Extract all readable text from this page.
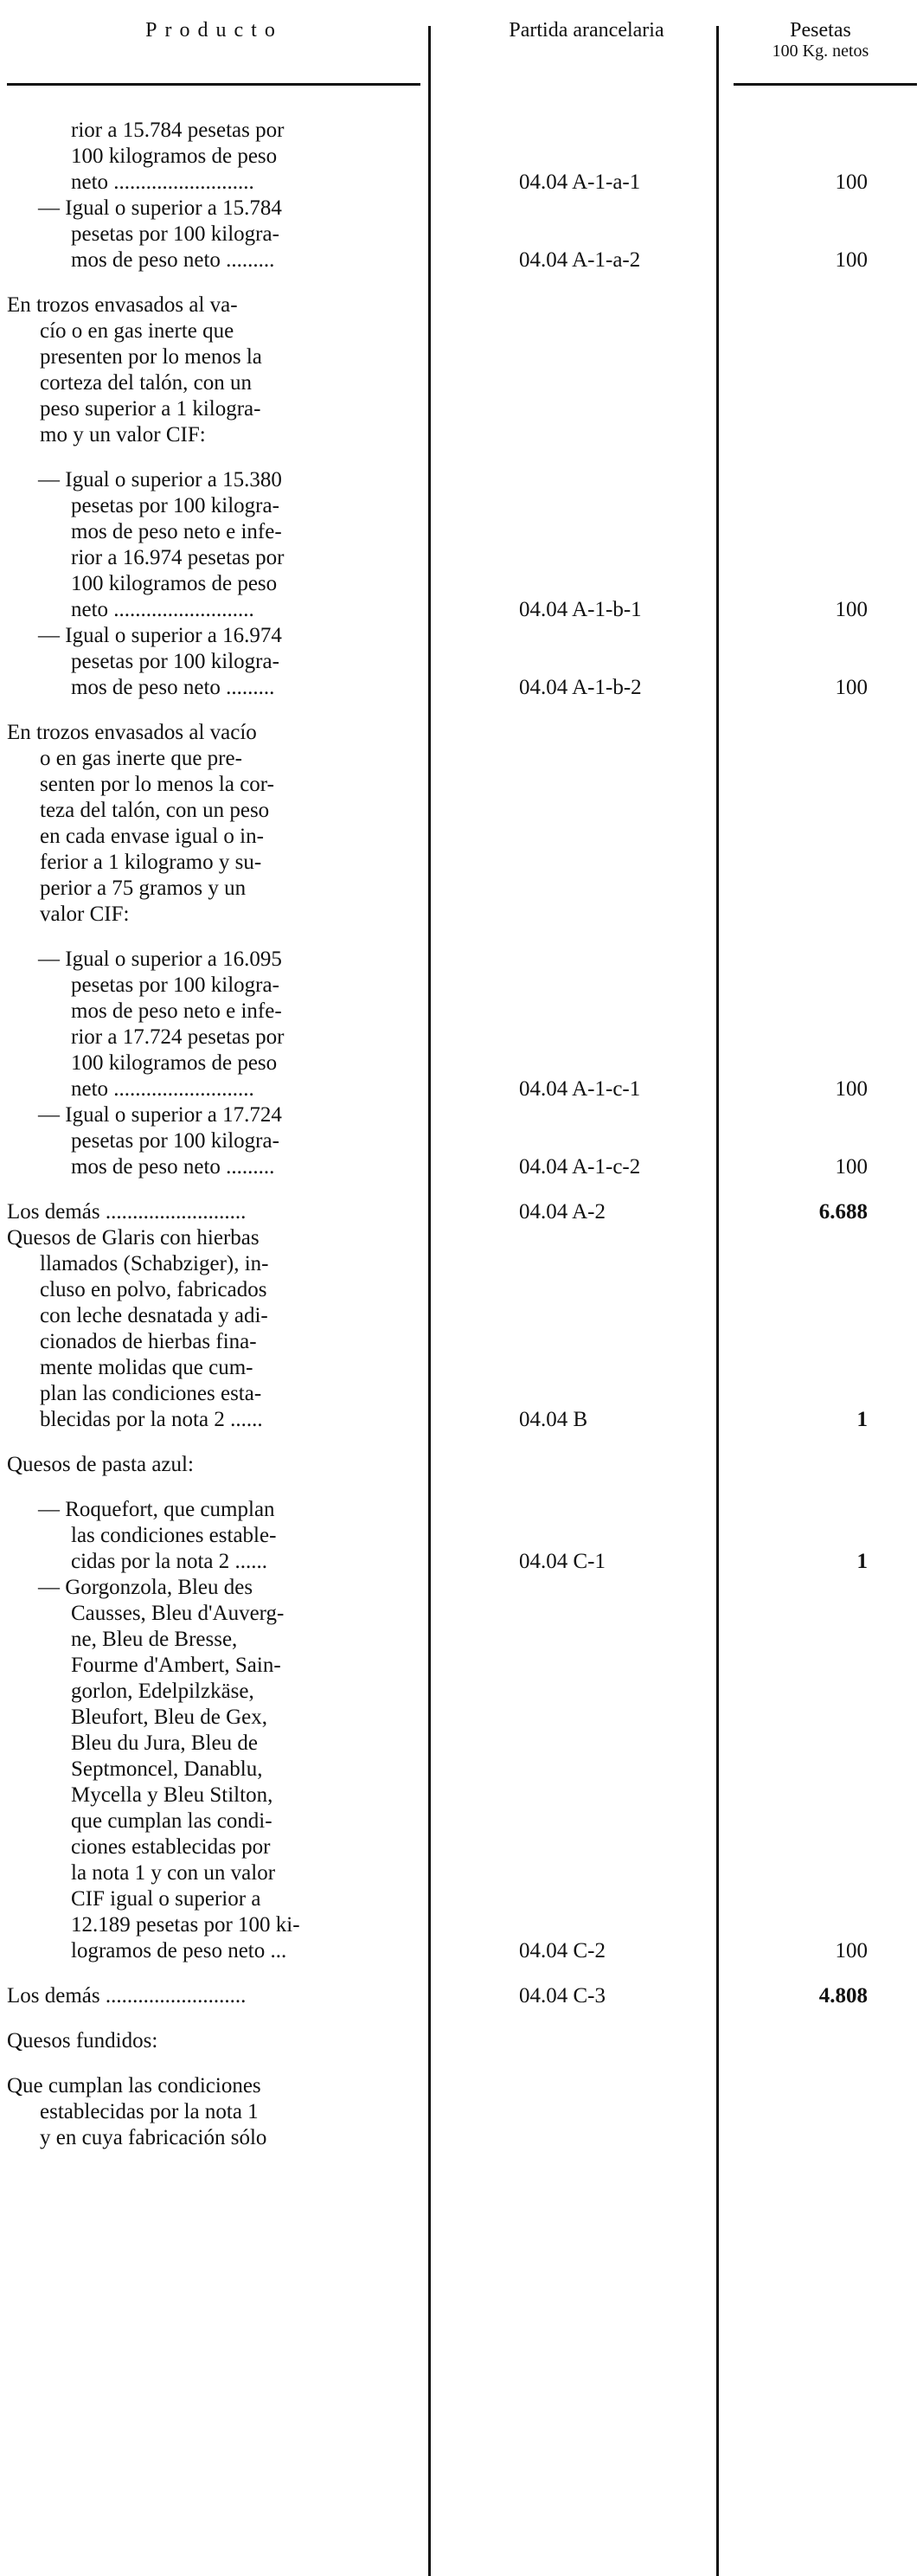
Producto	Partida arancelaria	Pesetas
100 Kg. netos
rior a 15.784 pesetas por
100 kilogramos de peso
neto ..........................	04.04 A-1-a-1	100
— Igual o superior a 15.784
pesetas por 100 kilogra-
mos de peso neto .........	04.04 A-1-a-2	100
En trozos envasados al va-
cío o en gas inerte que
presenten por lo menos la
corteza del talón, con un
peso superior a 1 kilogra-
mo y un valor CIF:
— Igual o superior a 15.380
pesetas por 100 kilogra-
mos de peso neto e infe-
rior a 16.974 pesetas por
100 kilogramos de peso
neto ..........................	04.04 A-1-b-1	100
— Igual o superior a 16.974
pesetas por 100 kilogra-
mos de peso neto .........	04.04 A-1-b-2	100
En trozos envasados al vacío
o en gas inerte que pre-
senten por lo menos la cor-
teza del talón, con un peso
en cada envase igual o in-
ferior a 1 kilogramo y su-
perior a 75 gramos y un
valor CIF:
— Igual o superior a 16.095
pesetas por 100 kilogra-
mos de peso neto e infe-
rior a 17.724 pesetas por
100 kilogramos de peso
neto ..........................	04.04 A-1-c-1	100
— Igual o superior a 17.724
pesetas por 100 kilogra-
mos de peso neto .........	04.04 A-1-c-2	100
Los demás ..........................	04.04 A-2	6.688
Quesos de Glaris con hierbas
llamados (Schabziger), in-
cluso en polvo, fabricados
con leche desnatada y adi-
cionados de hierbas fina-
mente molidas que cum-
plan las condiciones esta-
blecidas por la nota 2 ......	04.04 B	1
Quesos de pasta azul:
— Roquefort, que cumplan
las condiciones estable-
cidas por la nota 2 ......	04.04 C-1	1
— Gorgonzola, Bleu des
Causses, Bleu d'Auverg-
ne, Bleu de Bresse,
Fourme d'Ambert, Sain-
gorlon, Edelpilzkäse,
Bleufort, Bleu de Gex,
Bleu du Jura, Bleu de
Septmoncel, Danablu,
Mycella y Bleu Stilton,
que cumplan las condi-
ciones establecidas por
la nota 1 y con un valor
CIF igual o superior a
12.189 pesetas por 100 ki-
logramos de peso neto ...	04.04 C-2	100
Los demás ..........................	04.04 C-3	4.808
Quesos fundidos:
Que cumplan las condiciones
establecidas por la nota 1
y en cuya fabricación sólo
